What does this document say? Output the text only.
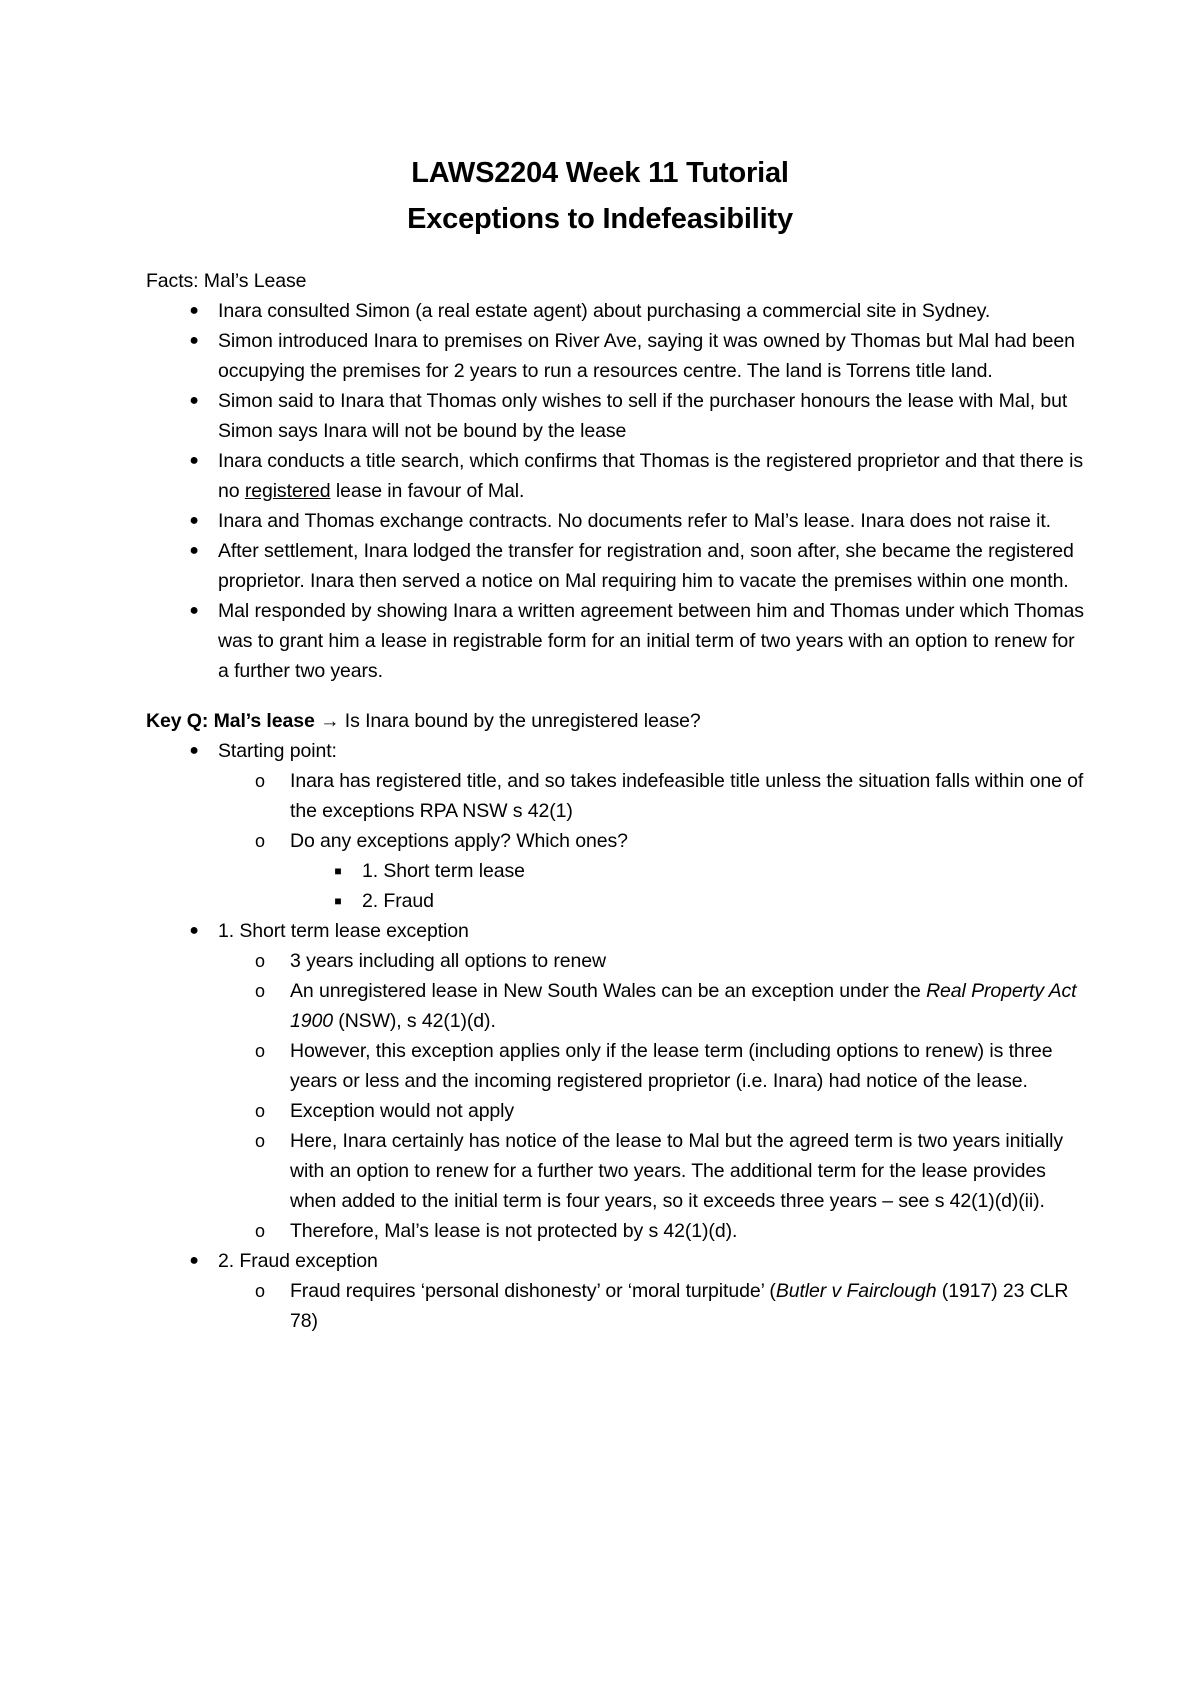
LAWS2204 Week 11 Tutorial
Exceptions to Indefeasibility

Facts: Mal’s Lease

● Inara consulted Simon (a real estate agent) about purchasing a commercial site in Sydney.
● Simon introduced Inara to premises on River Ave, saying it was owned by Thomas but Mal had been occupying the premises for 2 years to run a resources centre. The land is Torrens title land.
● Simon said to Inara that Thomas only wishes to sell if the purchaser honours the lease with Mal, but Simon says Inara will not be bound by the lease
● Inara conducts a title search, which confirms that Thomas is the registered proprietor and that there is no registered lease in favour of Mal.
● Inara and Thomas exchange contracts. No documents refer to Mal’s lease. Inara does not raise it.
● After settlement, Inara lodged the transfer for registration and, soon after, she became the registered proprietor. Inara then served a notice on Mal requiring him to vacate the premises within one month.
● Mal responded by showing Inara a written agreement between him and Thomas under which Thomas was to grant him a lease in registrable form for an initial term of two years with an option to renew for a further two years.

Key Q: Mal’s lease → Is Inara bound by the unregistered lease?

● Starting point:
o Inara has registered title, and so takes indefeasible title unless the situation falls within one of the exceptions RPA NSW s 42(1)
o Do any exceptions apply? Which ones?
■ 1. Short term lease
■ 2. Fraud
● 1. Short term lease exception
o 3 years including all options to renew
o An unregistered lease in New South Wales can be an exception under the Real Property Act 1900 (NSW), s 42(1)(d).
o However, this exception applies only if the lease term (including options to renew) is three years or less and the incoming registered proprietor (i.e. Inara) had notice of the lease.
o Exception would not apply
o Here, Inara certainly has notice of the lease to Mal but the agreed term is two years initially with an option to renew for a further two years. The additional term for the lease provides when added to the initial term is four years, so it exceeds three years – see s 42(1)(d)(ii).
o Therefore, Mal’s lease is not protected by s 42(1)(d).
● 2. Fraud exception
o Fraud requires ‘personal dishonesty’ or ‘moral turpitude’ (Butler v Fairclough (1917) 23 CLR 78)
